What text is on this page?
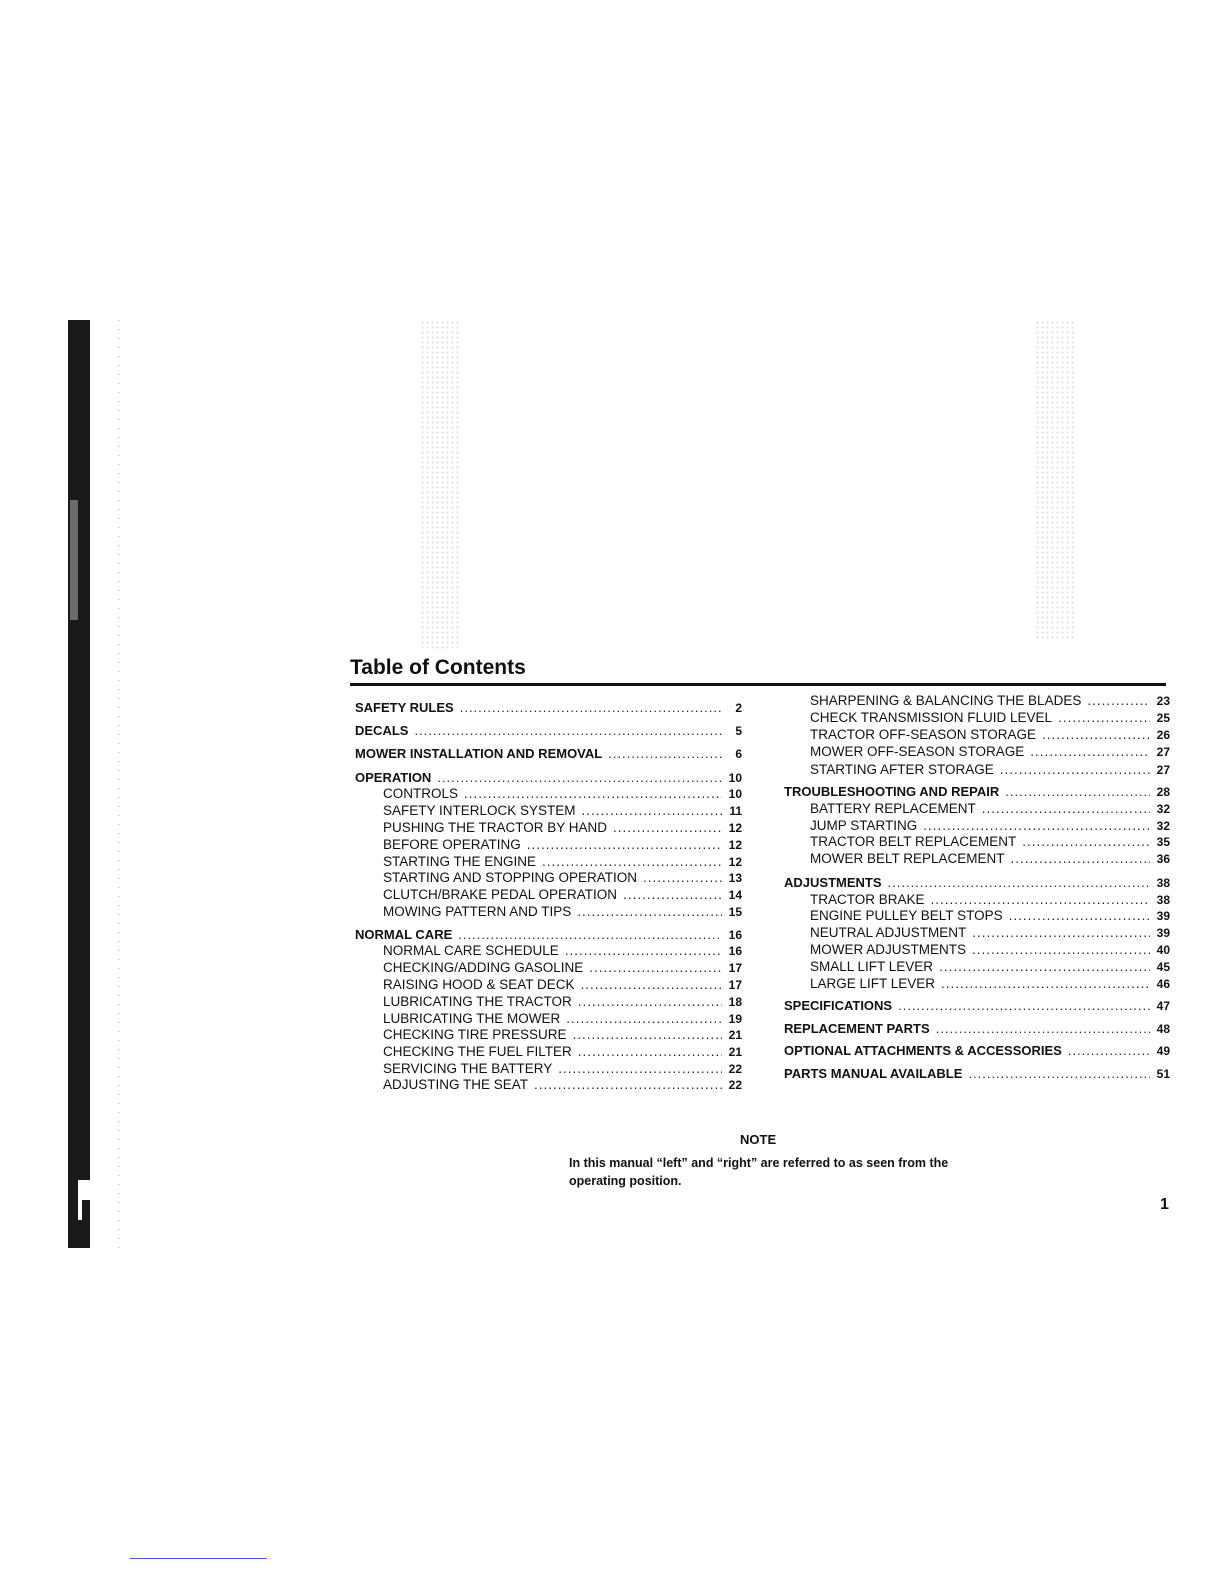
Table of Contents
SAFETY RULES .....	2
DECALS .....	5
MOWER INSTALLATION AND REMOVAL .....	6
OPERATION .....	10
CONTROLS .....	10
SAFETY INTERLOCK SYSTEM .....	11
PUSHING THE TRACTOR BY HAND .....	12
BEFORE OPERATING .....	12
STARTING THE ENGINE .....	12
STARTING AND STOPPING OPERATION .....	13
CLUTCH/BRAKE PEDAL OPERATION .....	14
MOWING PATTERN AND TIPS .....	15
NORMAL CARE .....	16
NORMAL CARE SCHEDULE .....	16
CHECKING/ADDING GASOLINE .....	17
RAISING HOOD & SEAT DECK .....	17
LUBRICATING THE TRACTOR .....	18
LUBRICATING THE MOWER .....	19
CHECKING TIRE PRESSURE .....	21
CHECKING THE FUEL FILTER .....	21
SERVICING THE BATTERY .....	22
ADJUSTING THE SEAT .....	22
SHARPENING & BALANCING THE BLADES .....	23
CHECK TRANSMISSION FLUID LEVEL .....	25
TRACTOR OFF-SEASON STORAGE .....	26
MOWER OFF-SEASON STORAGE .....	27
STARTING AFTER STORAGE .....	27
TROUBLESHOOTING AND REPAIR .....	28
BATTERY REPLACEMENT .....	32
JUMP STARTING .....	32
TRACTOR BELT REPLACEMENT .....	35
MOWER BELT REPLACEMENT .....	36
ADJUSTMENTS .....	38
TRACTOR BRAKE .....	38
ENGINE PULLEY BELT STOPS .....	39
NEUTRAL ADJUSTMENT .....	39
MOWER ADJUSTMENTS .....	40
SMALL LIFT LEVER .....	45
LARGE LIFT LEVER .....	46
SPECIFICATIONS .....	47
REPLACEMENT PARTS .....	48
OPTIONAL ATTACHMENTS & ACCESSORIES .....	49
PARTS MANUAL AVAILABLE .....	51
NOTE
In this manual “left” and “right” are referred to as seen from the operating position.
1
